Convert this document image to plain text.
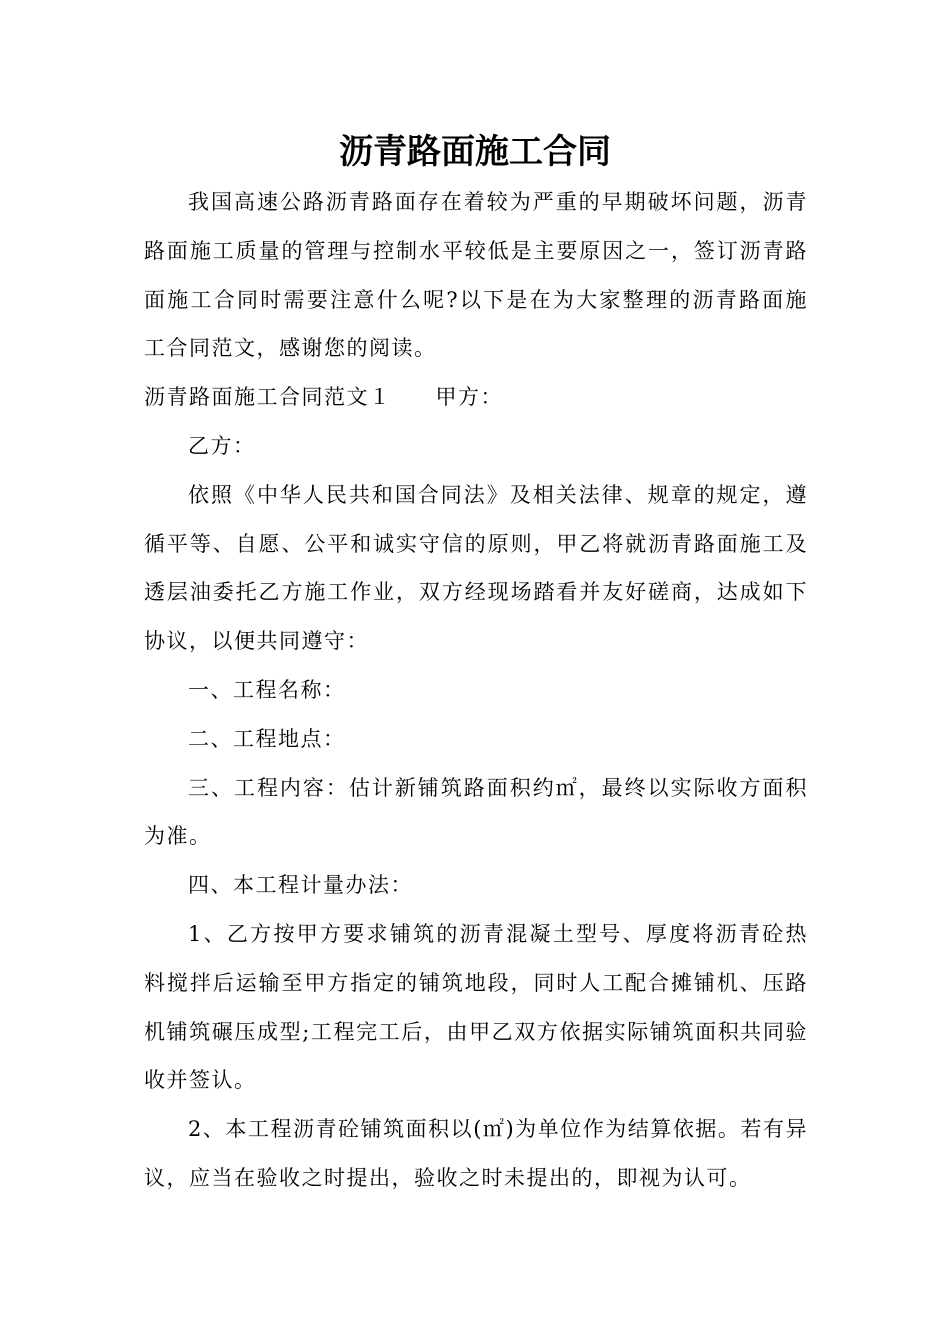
沥青路面施工合同

我国高速公路沥青路面存在着较为严重的早期破坏问题，沥青路面施工质量的管理与控制水平较低是主要原因之一，签订沥青路面施工合同时需要注意什么呢?以下是在为大家整理的沥青路面施工合同范文，感谢您的阅读。

沥青路面施工合同范文１ 甲方：

乙方：

依照《中华人民共和国合同法》及相关法律、规章的规定，遵循平等、自愿、公平和诚实守信的原则，甲乙将就沥青路面施工及透层油委托乙方施工作业，双方经现场踏看并友好磋商，达成如下协议，以便共同遵守：

一、工程名称：

二、工程地点：

三、工程内容：估计新铺筑路面积约㎡，最终以实际收方面积为准。

四、本工程计量办法：

1、乙方按甲方要求铺筑的沥青混凝土型号、厚度将沥青砼热料搅拌后运输至甲方指定的铺筑地段，同时人工配合摊铺机、压路机铺筑碾压成型;工程完工后，由甲乙双方依据实际铺筑面积共同验收并签认。

2、本工程沥青砼铺筑面积以(㎡)为单位作为结算依据。若有异议，应当在验收之时提出，验收之时未提出的，即视为认可。
